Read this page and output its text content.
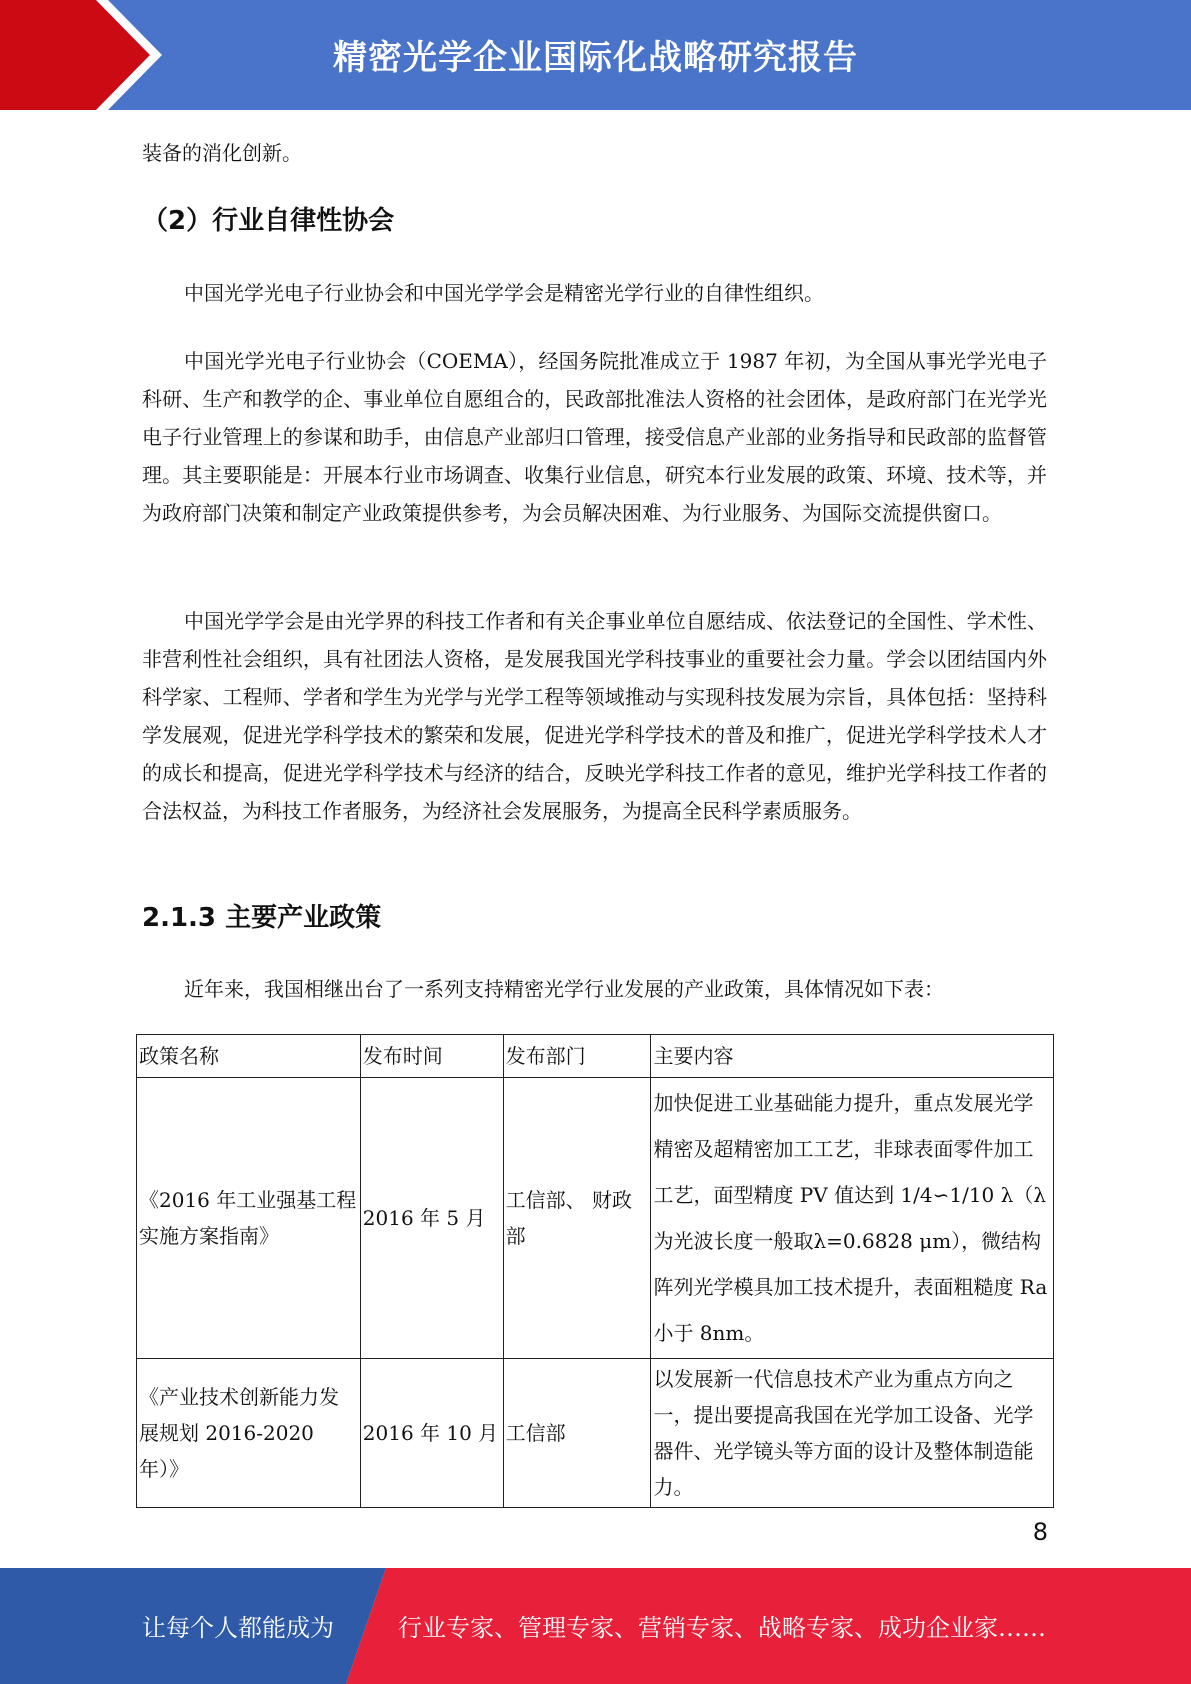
精密光学企业国际化战略研究报告

装备的消化创新。

（2）行业自律性协会

中国光学光电子行业协会和中国光学学会是精密光学行业的自律性组织。

中国光学光电子行业协会（COEMA），经国务院批准成立于 1987 年初，为全国从事光学光电子科研、生产和教学的企、事业单位自愿组合的，民政部批准法人资格的社会团体，是政府部门在光学光电子行业管理上的参谋和助手，由信息产业部归口管理，接受信息产业部的业务指导和民政部的监督管理。其主要职能是：开展本行业市场调查、收集行业信息，研究本行业发展的政策、环境、技术等，并为政府部门决策和制定产业政策提供参考，为会员解决困难、为行业服务、为国际交流提供窗口。

中国光学学会是由光学界的科技工作者和有关企事业单位自愿结成、依法登记的全国性、学术性、非营利性社会组织，具有社团法人资格，是发展我国光学科技事业的重要社会力量。学会以团结国内外科学家、工程师、学者和学生为光学与光学工程等领域推动与实现科技发展为宗旨，具体包括：坚持科学发展观，促进光学科学技术的繁荣和发展，促进光学科学技术的普及和推广，促进光学科学技术人才的成长和提高，促进光学科学技术与经济的结合，反映光学科技工作者的意见，维护光学科技工作者的合法权益，为科技工作者服务，为经济社会发展服务，为提高全民科学素质服务。

2.1.3 主要产业政策

近年来，我国相继出台了一系列支持精密光学行业发展的产业政策，具体情况如下表：

政策名称	发布时间	发布部门	主要内容
《2016 年工业强基工程实施方案指南》	2016 年 5 月	工信部、 财政部	加快促进工业基础能力提升，重点发展光学精密及超精密加工工艺，非球表面零件加工工艺，面型精度 PV 值达到 1/4∽1/10 λ（λ为光波长度一般取λ=0.6828 μm），微结构阵列光学模具加工技术提升，表面粗糙度 Ra 小于 8nm。
《产业技术创新能力发展规划 2016-2020 年）》	2016 年 10 月	工信部	以发展新一代信息技术产业为重点方向之一，提出要提高我国在光学加工设备、光学器件、光学镜头等方面的设计及整体制造能力。
8
让每个人都能成为	行业专家、管理专家、营销专家、战略专家、成功企业家……
